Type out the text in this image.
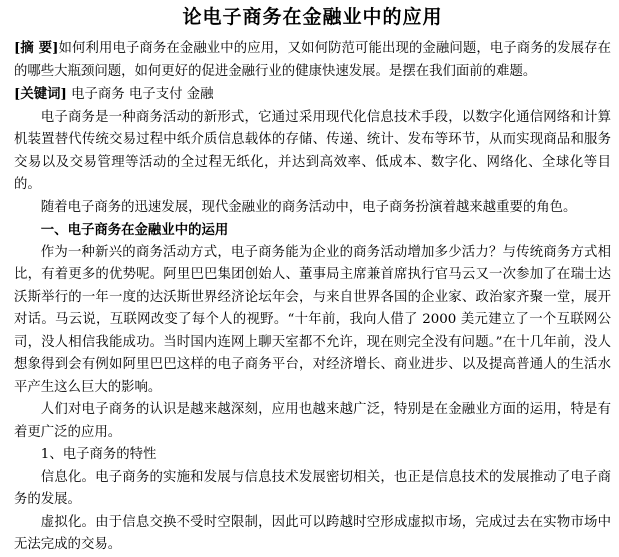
论电子商务在金融业中的应用

[摘 要]如何利用电子商务在金融业中的应用，又如何防范可能出现的金融问题，电子商务的发展存在的哪些大瓶颈问题，如何更好的促进金融行业的健康快速发展。是摆在我们面前的难题。

[关键词] 电子商务 电子支付 金融

电子商务是一种商务活动的新形式，它通过采用现代化信息技术手段，以数字化通信网络和计算机装置替代传统交易过程中纸介质信息载体的存储、传递、统计、发布等环节，从而实现商品和服务交易以及交易管理等活动的全过程无纸化，并达到高效率、低成本、数字化、网络化、全球化等目的。

随着电子商务的迅速发展，现代金融业的商务活动中，电子商务扮演着越来越重要的角色。

一、电子商务在金融业中的运用

作为一种新兴的商务活动方式，电子商务能为企业的商务活动增加多少活力？与传统商务方式相比，有着更多的优势呢。阿里巴巴集团创始人、董事局主席兼首席执行官马云又一次参加了在瑞士达沃斯举行的一年一度的达沃斯世界经济论坛年会，与来自世界各国的企业家、政治家齐聚一堂，展开对话。马云说，互联网改变了每个人的视野。“十年前，我向人借了 2000 美元建立了一个互联网公司，没人相信我能成功。当时国内连网上聊天室都不允许，现在则完全没有问题。”在十几年前，没人想象得到会有例如阿里巴巴这样的电子商务平台，对经济增长、商业进步、以及提高普通人的生活水平产生这么巨大的影响。

人们对电子商务的认识是越来越深刻，应用也越来越广泛，特别是在金融业方面的运用，特是有着更广泛的应用。

1、电子商务的特性

信息化。电子商务的实施和发展与信息技术发展密切相关，也正是信息技术的发展推动了电子商务的发展。

虚拟化。由于信息交换不受时空限制，因此可以跨越时空形成虚拟市场，完成过去在实物市场中无法完成的交易。
